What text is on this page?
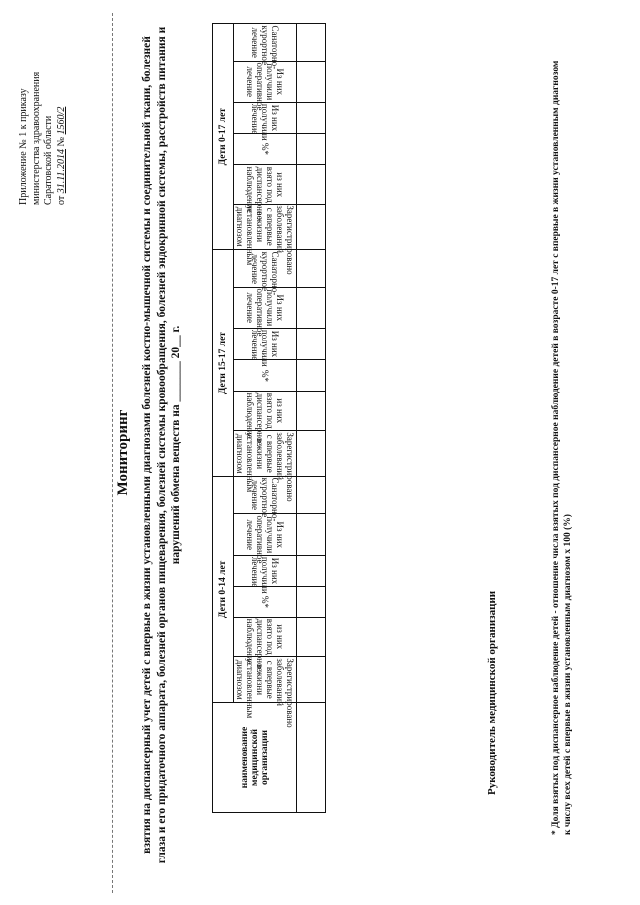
Приложение № 1 к приказу министерства здравоохранения Саратовской области от 31.11.2014 № 1560/2
Мониторинг взятия на диспансерный учет детей с впервые в жизни установленными диагнозами болезней костно-мышечной системы и соединительной ткани, болезней глаза и его придаточного аппарата, болезней органов пищеварения, болезней системы кровообращения, болезней эндокринной системы, расстройств питания и нарушений обмена веществ на _______ 20__ г.
наименование медицинской организации	Дети 0-14 лет						Дети 15-17 лет						Дети 0-17 лет					

	Зарегистрировано заболеваний с впервые в жизни установленным диагнозом	из них взято под диспансерное наблюдение	%*	Из них получили лечение	Из них получили оперативное лечение	Санаторно-курортное лечение	Зарегистрировано заболеваний с впервые в жизни установленным диагнозом	из них взято под диспансерное наблюдение	%*	Из них получили лечение	Из них получили оперативное лечение	Санаторно-курортное лечение	Зарегистрировано заболеваний с впервые в жизни установленным диагнозом	из них взято под диспансерное наблюдение	%*	Из них получили лечение	Из них получили оперативное лечение	Санаторно-курортное лечение

Руководитель медицинской организации	* Доля взятых под диспансерное наблюдение детей - отношение числа взятых под диспансерное наблюдение детей в возрасте 0-17 лет с впервые в жизни установленным диагнозом к числу всех детей с впервые в жизни установленным диагнозом х 100 (%)
